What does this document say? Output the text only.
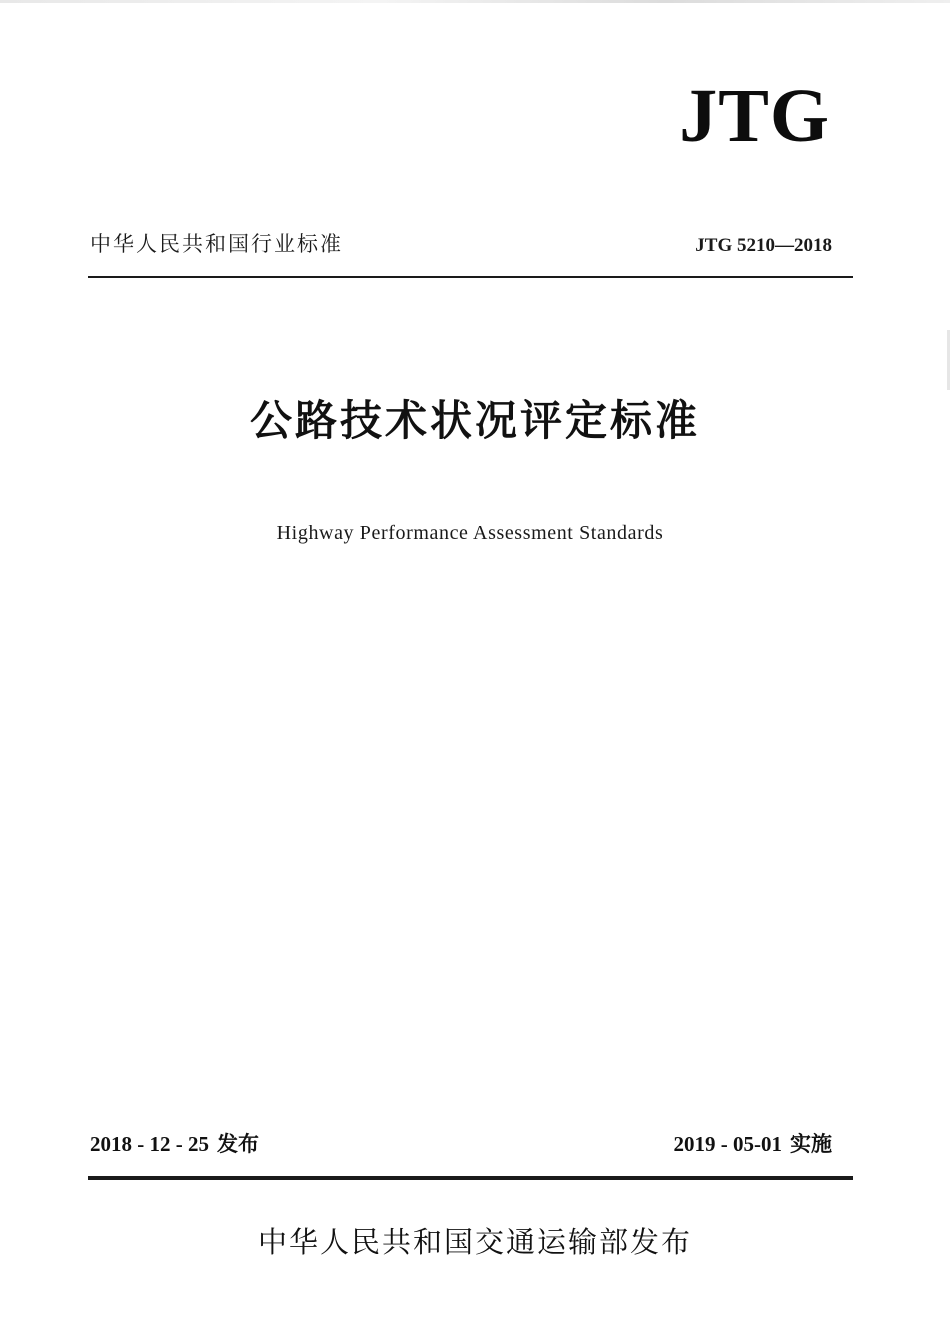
JTG
中华人民共和国行业标准	JTG 5210—2018
公路技术状况评定标准
Highway Performance Assessment Standards
2018 - 12 - 25 发布	2019 - 05-01 实施
中华人民共和国交通运输部发布
